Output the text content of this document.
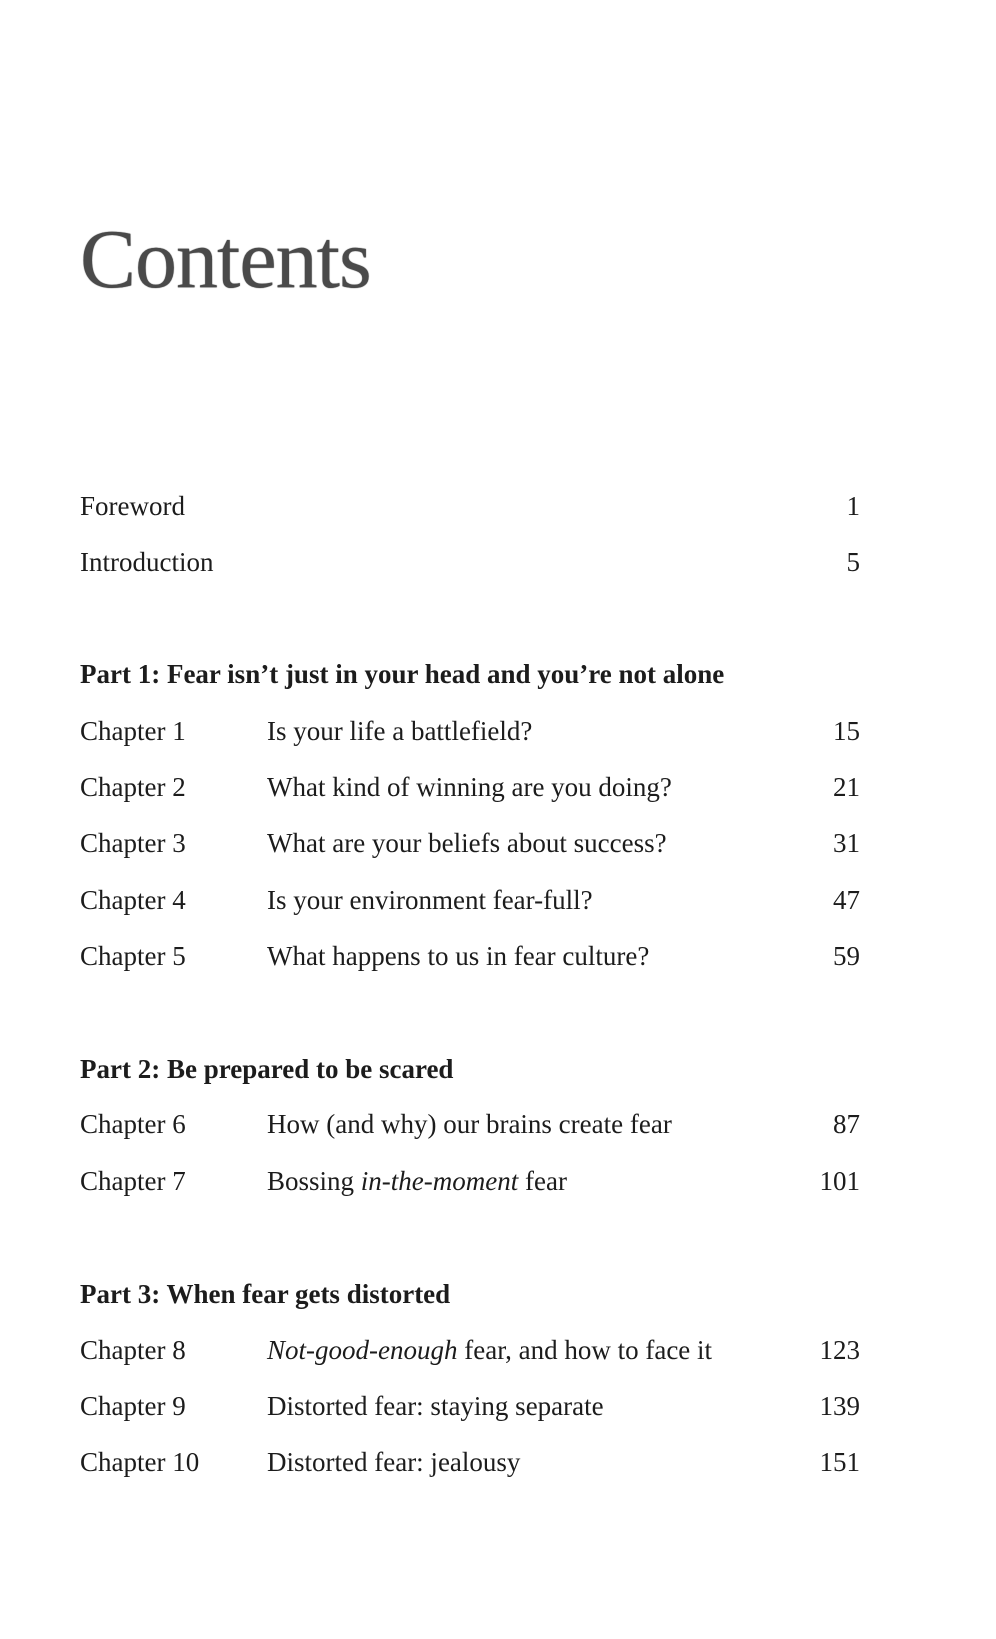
Contents
Foreword	1
Introduction	5
Part 1: Fear isn’t just in your head and you’re not alone
Chapter 1	Is your life a battlefield?	15
Chapter 2	What kind of winning are you doing?	21
Chapter 3	What are your beliefs about success?	31
Chapter 4	Is your environment fear-full?	47
Chapter 5	What happens to us in fear culture?	59
Part 2: Be prepared to be scared
Chapter 6	How (and why) our brains create fear	87
Chapter 7	Bossing in-the-moment fear	101
Part 3: When fear gets distorted
Chapter 8	Not-good-enough fear, and how to face it	123
Chapter 9	Distorted fear: staying separate	139
Chapter 10	Distorted fear: jealousy	151
